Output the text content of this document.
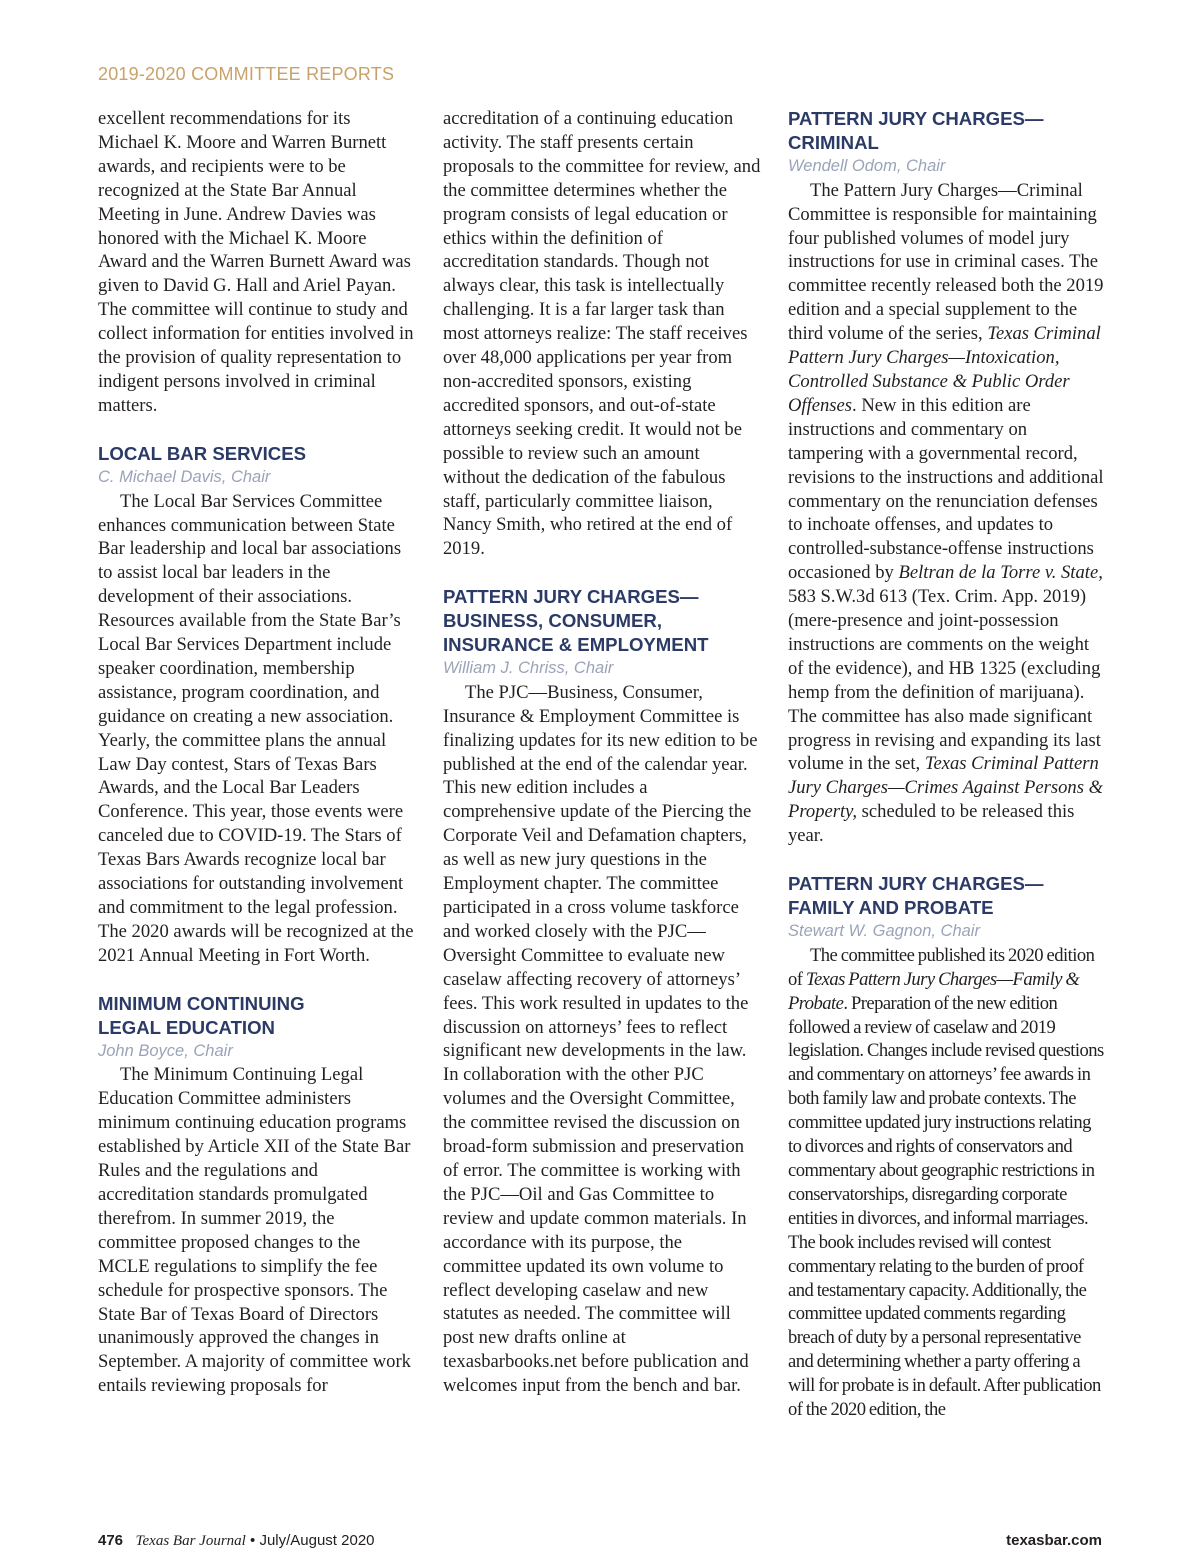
2019-2020 COMMITTEE REPORTS

excellent recommendations for its Michael K. Moore and Warren Burnett awards, and recipients were to be recognized at the State Bar Annual Meeting in June. Andrew Davies was honored with the Michael K. Moore Award and the Warren Burnett Award was given to David G. Hall and Ariel Payan. The committee will continue to study and collect information for entities involved in the provision of quality representation to indigent persons involved in criminal matters.

LOCAL BAR SERVICES

C. Michael Davis, Chair

The Local Bar Services Committee enhances communication between State Bar leadership and local bar associations to assist local bar leaders in the development of their associations. Resources available from the State Bar’s Local Bar Services Department include speaker coordination, membership assistance, program coordination, and guidance on creating a new association. Yearly, the committee plans the annual Law Day contest, Stars of Texas Bars Awards, and the Local Bar Leaders Conference. This year, those events were canceled due to COVID-19. The Stars of Texas Bars Awards recognize local bar associations for outstanding involvement and commitment to the legal profession. The 2020 awards will be recognized at the 2021 Annual Meeting in Fort Worth.

MINIMUM CONTINUING
LEGAL EDUCATION

John Boyce, Chair

The Minimum Continuing Legal Education Committee administers minimum continuing education programs established by Article XII of the State Bar Rules and the regulations and accreditation standards promulgated therefrom. In summer 2019, the committee proposed changes to the MCLE regulations to simplify the fee schedule for prospective sponsors. The State Bar of Texas Board of Directors unanimously approved the changes in September. A majority of committee work entails reviewing proposals for

accreditation of a continuing education activity. The staff presents certain proposals to the committee for review, and the committee determines whether the program consists of legal education or ethics within the definition of accreditation standards. Though not always clear, this task is intellectually challenging. It is a far larger task than most attorneys realize: The staff receives over 48,000 applications per year from non-accredited sponsors, existing accredited sponsors, and out-of-state attorneys seeking credit. It would not be possible to review such an amount without the dedication of the fabulous staff, particularly committee liaison, Nancy Smith, who retired at the end of 2019.

PATTERN JURY CHARGES—
BUSINESS, CONSUMER,
INSURANCE & EMPLOYMENT

William J. Chriss, Chair

The PJC—Business, Consumer, Insurance & Employment Committee is finalizing updates for its new edition to be published at the end of the calendar year. This new edition includes a comprehensive update of the Piercing the Corporate Veil and Defamation chapters, as well as new jury questions in the Employment chapter. The committee participated in a cross volume taskforce and worked closely with the PJC—Oversight Committee to evaluate new caselaw affecting recovery of attorneys’ fees. This work resulted in updates to the discussion on attorneys’ fees to reflect significant new developments in the law. In collaboration with the other PJC volumes and the Oversight Committee, the committee revised the discussion on broad-form submission and preservation of error. The committee is working with the PJC—Oil and Gas Committee to review and update common materials. In accordance with its purpose, the committee updated its own volume to reflect developing caselaw and new statutes as needed. The committee will post new drafts online at texasbarbooks.net before publication and welcomes input from the bench and bar.

PATTERN JURY CHARGES—
CRIMINAL

Wendell Odom, Chair

The Pattern Jury Charges—Criminal Committee is responsible for maintaining four published volumes of model jury instructions for use in criminal cases. The committee recently released both the 2019 edition and a special supplement to the third volume of the series, Texas Criminal Pattern Jury Charges—Intoxication, Controlled Substance & Public Order Offenses. New in this edition are instructions and commentary on tampering with a governmental record, revisions to the instructions and additional commentary on the renunciation defenses to inchoate offenses, and updates to controlled-substance-offense instructions occasioned by Beltran de la Torre v. State, 583 S.W.3d 613 (Tex. Crim. App. 2019) (mere-presence and joint-possession instructions are comments on the weight of the evidence), and HB 1325 (excluding hemp from the definition of marijuana). The committee has also made significant progress in revising and expanding its last volume in the set, Texas Criminal Pattern Jury Charges—Crimes Against Persons & Property, scheduled to be released this year.

PATTERN JURY CHARGES—
FAMILY AND PROBATE

Stewart W. Gagnon, Chair

The committee published its 2020 edition of Texas Pattern Jury Charges—Family & Probate. Preparation of the new edition followed a review of caselaw and 2019 legislation. Changes include revised questions and commentary on attorneys’ fee awards in both family law and probate contexts. The committee updated jury instructions relating to divorces and rights of conservators and commentary about geographic restrictions in conservatorships, disregarding corporate entities in divorces, and informal marriages. The book includes revised will contest commentary relating to the burden of proof and testamentary capacity. Additionally, the committee updated comments regarding breach of duty by a personal representative and determining whether a party offering a will for probate is in default. After publication of the 2020 edition, the

476 Texas Bar Journal • July/August 2020	texasbar.com
